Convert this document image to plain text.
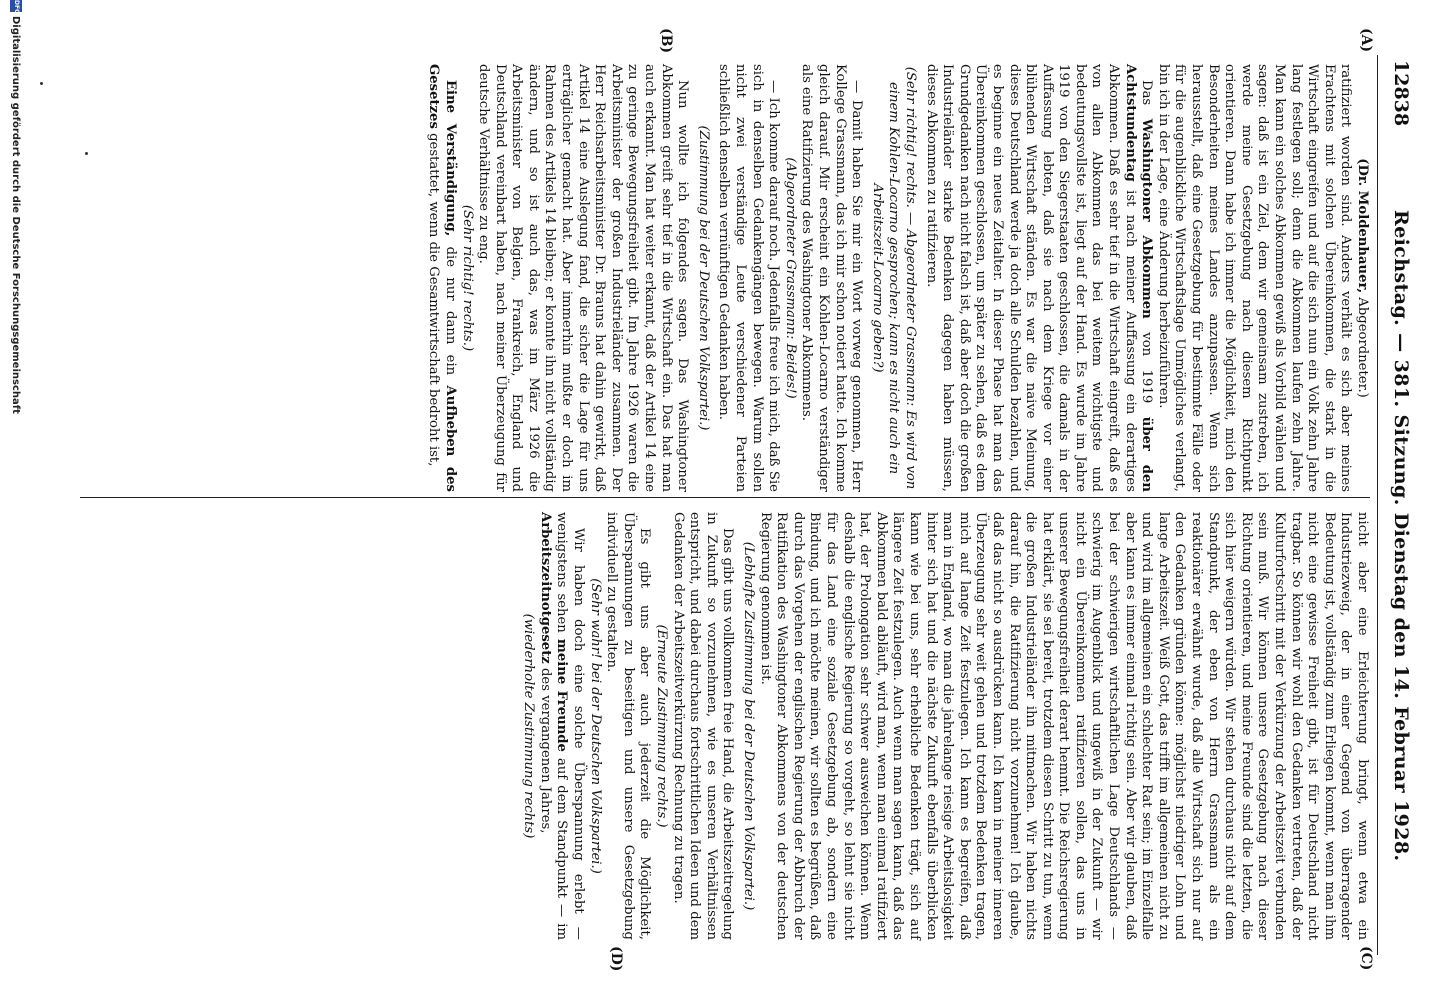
12838
Reichstag. — 381. Sitzung. Dienstag den 14. Februar 1928.
(A)
(B)
(C)
(D)

(Dr. Moldenhauer, Abgeordneter.)

ratifiziert worden sind. Anders verhält es sich aber meines Erachtens mit solchen Übereinkommen, die stark in die Wirtschaft eingreifen und auf die sich nun ein Volk zehn Jahre lang festlegen soll; denn die Abkommen laufen zehn Jahre. Man kann ein solches Abkommen gewiß als Vorbild wählen und sagen: daß ist ein Ziel, dem wir gemeinsam zustreben, ich werde meine Gesetzgebung nach diesem Richtpunkt orientieren. Dann habe ich immer die Möglichkeit, mich den Besonderheiten meines Landes anzupassen. Wenn sich herausstellt, daß eine Gesetzgebung für bestimmte Fälle oder für die augenblickliche Wirtschaftslage Unmögliches verlangt, bin ich in der Lage, eine Änderung herbeizuführen.

Das Washingtoner Abkommen von 1919 über den Achtstundentag ist nach meiner Auffassung ein derartiges Abkommen. Daß es sehr tief in die Wirtschaft eingreift, daß es von allen Abkommen das bei weitem wichtigste und bedeutungsvollste ist, liegt auf der Hand. Es wurde im Jahre 1919 von den Siegerstaaten geschlossen, die damals in der Auffassung lebten, daß sie nach dem Kriege vor einer blühenden Wirtschaft ständen. Es war die naive Meinung, dieses Deutschland werde ja doch alle Schulden bezahlen, und es beginne ein neues Zeitalter. In dieser Phase hat man das Übereinkommen geschlossen, um später zu sehen, daß es dem Grundgedanken nach nicht falsch ist, daß aber doch die großen Industrieländer starke Bedenken dagegen haben müssen, dieses Abkommen zu ratifizieren.

(Sehr richtig! rechts. — Abgeordneter Grassmann: Es wird von einem Kohlen-Locarno gesprochen; kann es nicht auch ein Arbeitszeit-Locarno geben?)

— Damit haben Sie mir ein Wort vorweg genommen, Herr Kollege Grassmann, das ich mir schon notiert hatte. Ich komme gleich darauf. Mir erscheint ein Kohlen-Locarno verständiger als eine Ratifizierung des Washingtoner Abkommens.

(Abgeordneter Grassmann: Beides!)

— Ich komme darauf noch. Jedenfalls freue ich mich, daß Sie sich in denselben Gedankengängen bewegen. Warum sollen nicht zwei verständige Leute verschiedener Parteien schließlich denselben vernünftigen Gedanken haben.

(Zustimmung bei der Deutschen Volkspartei.)

Nun wollte ich folgendes sagen. Das Washingtoner Abkommen greift sehr tief in die Wirtschaft ein. Das hat man auch erkannt. Man hat weiter erkannt, daß der Artikel 14 eine zu geringe Bewegungsfreiheit gibt. Im Jahre 1926 waren die Arbeitsminister der großen Industrieländer zusammen. Der Herr Reichsarbeitsminister Dr. Brauns hat dahin gewirkt, daß Artikel 14 eine Auslegung fand, die sicher die Lage für uns erträglicher gemacht hat. Aber immerhin mußte er doch im Rahmen des Artikels 14 bleiben; er konnte ihn nicht vollständig ändern, und so ist auch das, was im März 1926 die Arbeitsminister von Belgien, Frankreich, England und Deutschland vereinbart haben, nach meiner Überzeugung für deutsche Verhältnisse zu eng.

(Sehr richtig! rechts.)

Eine Verständigung, die nur dann ein Aufheben des Gesetzes gestattet, wenn die Gesamtwirtschaft bedroht ist,

nicht aber eine Erleichterung bringt, wenn etwa ein Industriezweig, der in einer Gegend von überragender Bedeutung ist, vollständig zum Erliegen kommt, wenn man ihm nicht eine gewisse Freiheit gibt, ist für Deutschland nicht tragbar. So können wir wohl den Gedanken vertreten, daß der Kulturfortschritt mit der Verkürzung der Arbeitszeit verbunden sein muß. Wir können unsere Gesetzgebung nach dieser Richtung orientieren, und meine Freunde sind die letzten, die sich hier weigern würden. Wir stehen durchaus nicht auf dem Standpunkt, der eben von Herrn Grassmann als ein reaktionärer erwähnt wurde, daß alle Wirtschaft sich nur auf den Gedanken gründen könne: möglichst niedriger Lohn und lange Arbeitszeit. Weiß Gott, das trifft im allgemeinen nicht zu und wird im allgemeinen ein schlechter Rat sein; im Einzelfalle aber kann es immer einmal richtig sein. Aber wir glauben, daß bei der schwierigen wirtschaftlichen Lage Deutschlands — schwierig im Augenblick und ungewiß in der Zukunft — wir nicht ein Übereinkommen ratifizieren sollen, das uns in unserer Bewegungsfreiheit derart hemmt. Die Reichsregierung hat erklärt, sie sei bereit, trotzdem diesen Schritt zu tun, wenn die großen Industrieländer ihn mitmachen. Wir haben nichts darauf hin, die Ratifizierung nicht vorzunehmen! Ich glaube, daß das nicht so ausdrücken kann. Ich kann in meiner inneren Überzeugung sehr weit gehen und trotzdem Bedenken tragen, mich auf lange Zeit festzulegen. Ich kann es begreifen, daß man in England, wo man die jahrelange riesige Arbeitslosigkeit hinter sich hat und die nächste Zukunft ebenfalls überblicken kann wie bei uns, sehr erhebliche Bedenken trägt, sich auf längere Zeit festzulegen. Auch wenn man sagen kann, daß das Abkommen bald abläuft, wird man, wenn man einmal ratifiziert hat, der Prolongation sehr schwer ausweichen können. Wenn deshalb die englische Regierung so vorgeht, so lehnt sie nicht für das Land eine soziale Gesetzgebung ab, sondern eine Bindung, und ich möchte meinen, wir sollten es begrüßen, daß durch das Vorgehen der englischen Regierung der Abbruch der Ratifikation des Washingtoner Abkommens von der deutschen Regierung genommen ist.

(Lebhafte Zustimmung bei der Deutschen Volkspartei.)

Das gibt uns vollkommen freie Hand, die Arbeitszeitregelung in Zukunft so vorzunehmen, wie es unseren Verhältnissen entspricht, und dabei durchaus fortschrittlichen Ideen und dem Gedanken der Arbeitszeitverkürzung Rechnung zu tragen.

(Erneute Zustimmung rechts.)

Es gibt uns aber auch jederzeit die Möglichkeit, Überspannungen zu beseitigen und unsere Gesetzgebung individuell zu gestalten.

(Sehr wahr! bei der Deutschen Volkspartei.)

Wir haben doch eine solche Überspannung erlebt — wenigstens sehen meine Freunde auf dem Standpunkt — im Arbeitszeitnotgesetz des vergangenen Jahres,

(wiederholte Zustimmung rechts)

DFG
Digitalisierung gefördert durch die Deutsche Forschungsgemeinschaft
